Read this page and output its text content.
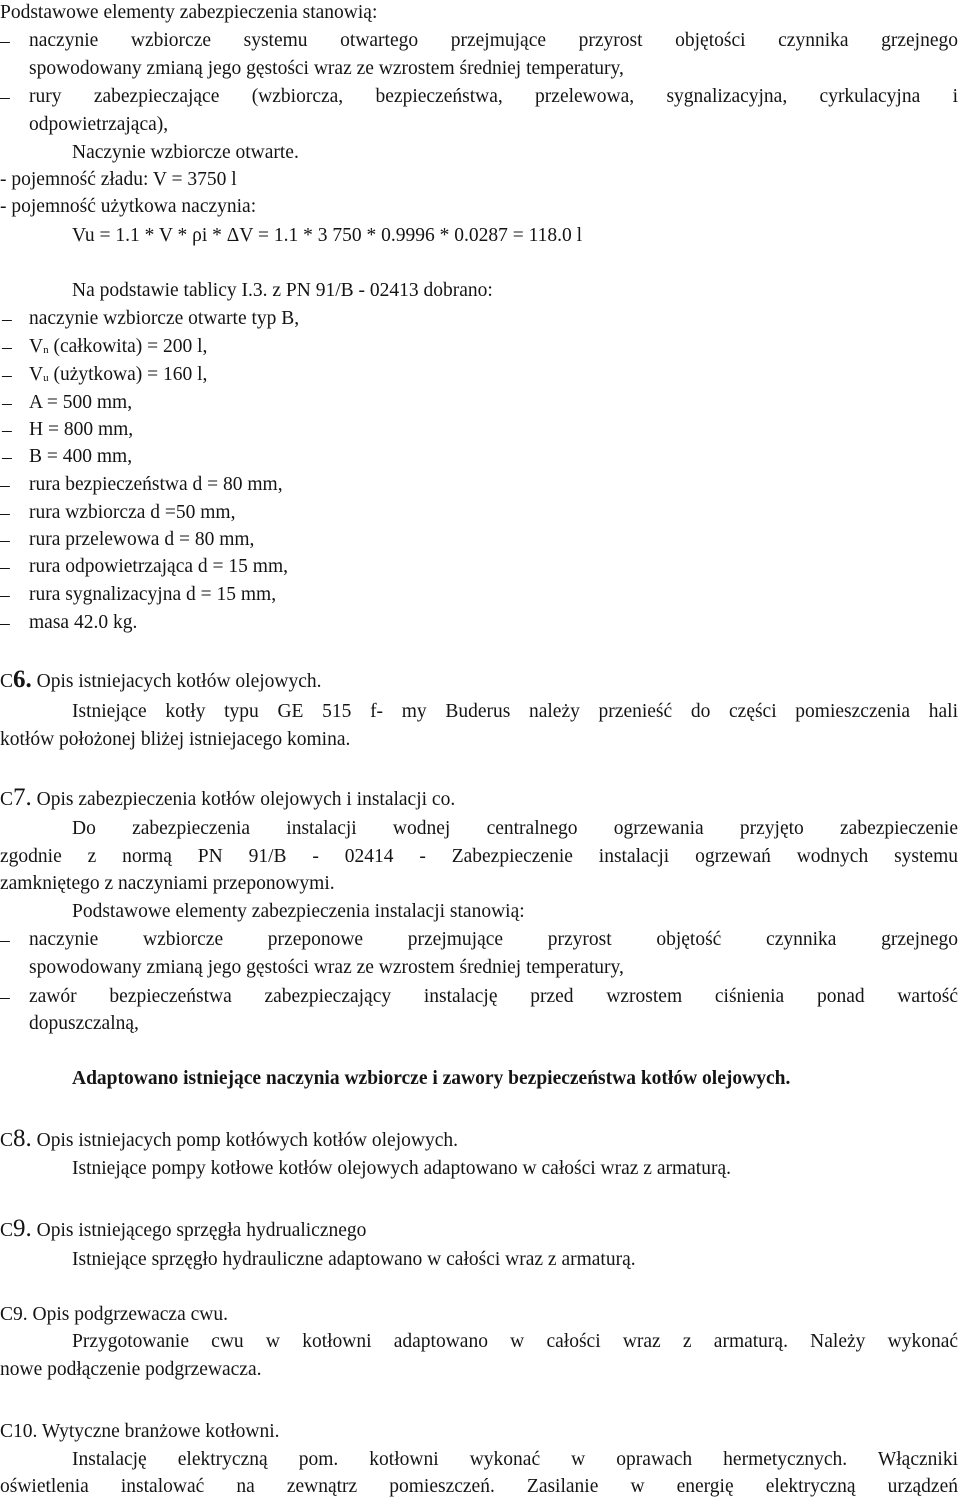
Podstawowe elementy zabezpieczenia stanowią:
– naczynie wzbiorcze systemu otwartego przejmujące przyrost objętości czynnika grzejnego
spowodowany zmianą jego gęstości wraz ze wzrostem średniej temperatury,
– rury zabezpieczające (wzbiorcza, bezpieczeństwa, przelewowa, sygnalizacyjna, cyrkulacyjna i
odpowietrzająca),
Naczynie wzbiorcze otwarte.
- pojemność zładu: V = 3750 l
- pojemność użytkowa naczynia:
Vu = 1.1 * V * ρi * ΔV = 1.1 * 3 750 * 0.9996 * 0.0287 = 118.0 l
Na podstawie tablicy I.3. z PN 91/B - 02413 dobrano:
– naczynie wzbiorcze otwarte typ B,
– Vn (całkowita) = 200 l,
– Vu (użytkowa) = 160 l,
– A = 500 mm,
– H = 800 mm,
– B = 400 mm,
– rura bezpieczeństwa d = 80 mm,
– rura wzbiorcza d =50 mm,
– rura przelewowa d = 80 mm,
– rura odpowietrzająca d = 15 mm,
– rura sygnalizacyjna d = 15 mm,
– masa 42.0 kg.
C6. Opis istniejacych kotłów olejowych.
Istniejące kotły typu GE 515 f- my Buderus należy przenieść do części pomieszczenia hali
kotłów położonej bliżej istniejacego komina.
C7. Opis zabezpieczenia kotłów olejowych i instalacji co.
Do zabezpieczenia instalacji wodnej centralnego ogrzewania przyjęto zabezpieczenie
zgodnie z normą PN 91/B - 02414 - Zabezpieczenie instalacji ogrzewań wodnych systemu
zamkniętego z naczyniami przeponowymi.
Podstawowe elementy zabezpieczenia instalacji stanowią:
– naczynie wzbiorcze przeponowe przejmujące przyrost objętość czynnika grzejnego
spowodowany zmianą jego gęstości wraz ze wzrostem średniej temperatury,
– zawór bezpieczeństwa zabezpieczający instalację przed wzrostem ciśnienia ponad wartość
dopuszczalną,
Adaptowano istniejące naczynia wzbiorcze i zawory bezpieczeństwa kotłów olejowych.
C8. Opis istniejacych pomp kotłówych kotłów olejowych.
Istniejące pompy kotłowe kotłów olejowych adaptowano w całości wraz z armaturą.
C9. Opis istniejącego sprzęgła hydrualicznego
Istniejące sprzęgło hydrauliczne adaptowano w całości wraz z armaturą.
C9. Opis podgrzewacza cwu.
Przygotowanie cwu w kotłowni adaptowano w całości wraz z armaturą. Należy wykonać
nowe podłączenie podgrzewacza.
C10. Wytyczne branżowe kotłowni.
Instalację elektryczną pom. kotłowni wykonać w oprawach hermetycznych. Włączniki
oświetlenia instalować na zewnątrz pomieszczeń. Zasilanie w energię elektryczną urządzeń
